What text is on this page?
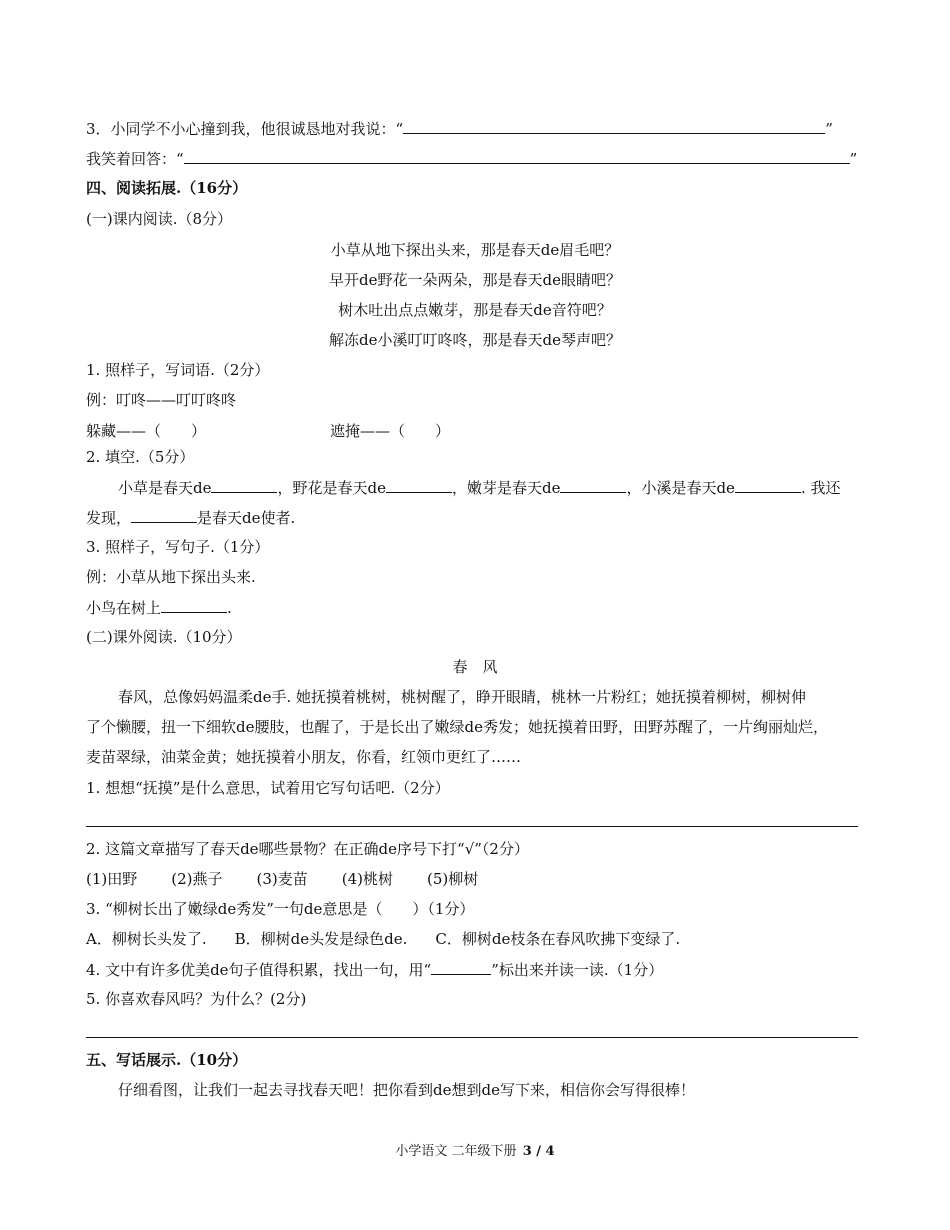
3．小同学不小心撞到我，他很诚恳地对我说：“	”
我笑着回答：“	”
四、阅读拓展.（16分）
(一)课内阅读.（8分）
小草从地下探出头来，那是春天de眉毛吧？
早开de野花一朵两朵，那是春天de眼睛吧？
树木吐出点点嫩芽，那是春天de音符吧？
解冻de小溪叮叮咚咚，那是春天de琴声吧？
1. 照样子，写词语.（2分）
例：叮咚——叮叮咚咚
躲藏——（　　）	遮掩——（　　）
2. 填空.（5分）
小草是春天de	，野花是春天de	，嫩芽是春天de	，小溪是春天de	. 我还
发现，	是春天de使者.
3. 照样子，写句子.（1分）
例：小草从地下探出头来.
小鸟在树上	.
(二)课外阅读.（10分）
春　风
春风，总像妈妈温柔de手. 她抚摸着桃树，桃树醒了，睁开眼睛，桃林一片粉红；她抚摸着柳树，柳树伸
了个懒腰，扭一下细软de腰肢，也醒了，于是长出了嫩绿de秀发；她抚摸着田野，田野苏醒了，一片绚丽灿烂，
麦苗翠绿，油菜金黄；她抚摸着小朋友，你看，红领巾更红了……
1. 想想“抚摸”是什么意思，试着用它写句话吧.（2分）
2. 这篇文章描写了春天de哪些景物？在正确de序号下打“√”（2分）
(1)田野 (2)燕子 (3)麦苗 (4)桃树 (5)柳树
3. “柳树长出了嫩绿de秀发”一句de意思是（　　）（1分）
A．柳树长头发了. B．柳树de头发是绿色de. C．柳树de枝条在春风吹拂下变绿了.
4. 文中有许多优美de句子值得积累，找出一句，用“	”标出来并读一读.（1分）
5. 你喜欢春风吗？为什么？(2分)
五、写话展示.（10分）
仔细看图，让我们一起去寻找春天吧！把你看到de想到de写下来，相信你会写得很棒！
小学语文 二年级下册 3 / 4
